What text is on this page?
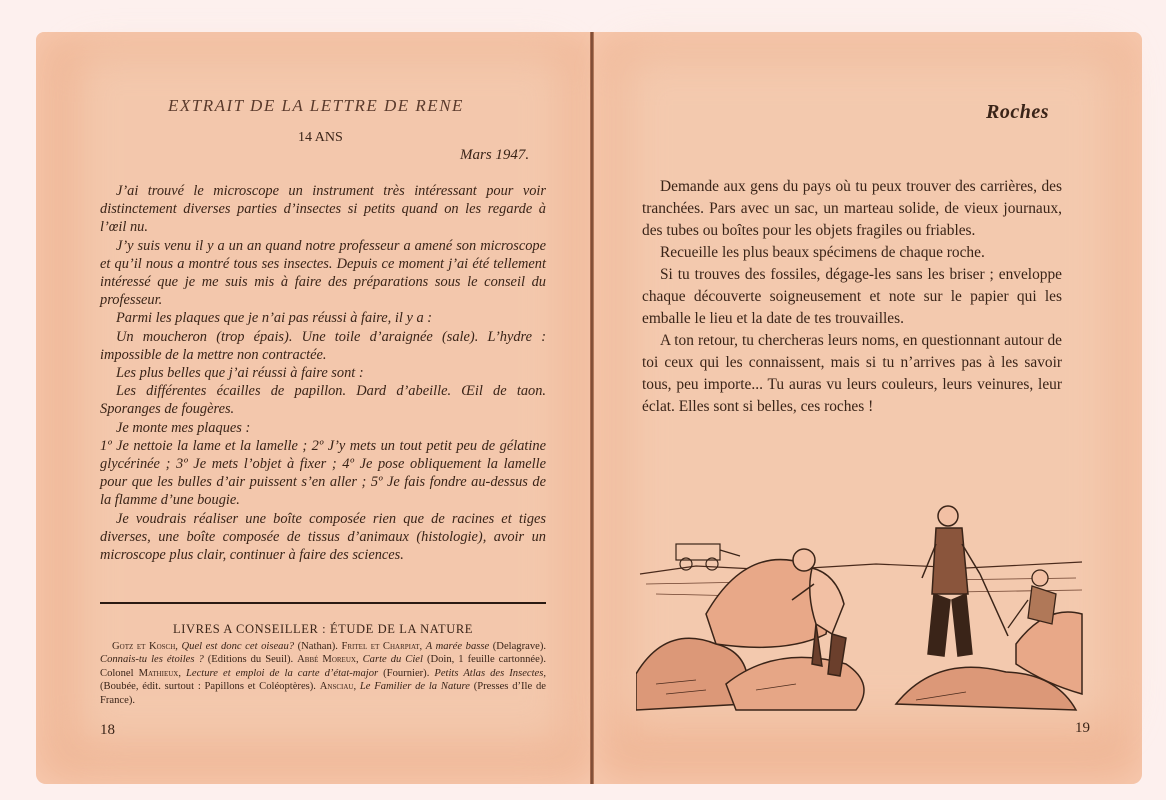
EXTRAIT DE LA LETTRE DE RENE
14 ANS
Mars 1947.

J’ai trouvé le microscope un instrument très intéressant pour voir distinctement diverses parties d’insectes si petits quand on les regarde à l’œil nu.

J’y suis venu il y a un an quand notre professeur a amené son microscope et qu’il nous a montré tous ses insectes. Depuis ce moment j’ai été tellement intéressé que je me suis mis à faire des préparations sous le conseil du professeur.

Parmi les plaques que je n’ai pas réussi à faire, il y a :

Un moucheron (trop épais). Une toile d’araignée (sale). L’hydre : impossible de la mettre non contractée.

Les plus belles que j’ai réussi à faire sont :

Les différentes écailles de papillon. Dard d’abeille. Œil de taon. Sporanges de fougères.

Je monte mes plaques :

1º Je nettoie la lame et la lamelle ; 2º J’y mets un tout petit peu de gélatine glycérinée ; 3º Je mets l’objet à fixer ; 4º Je pose obliquement la lamelle pour que les bulles d’air puissent s’en aller ; 5º Je fais fondre au-dessus de la flamme d’une bougie.

Je voudrais réaliser une boîte composée rien que de racines et tiges diverses, une boîte composée de tissus d’animaux (histologie), avoir un microscope plus clair, continuer à faire des sciences.

LIVRES A CONSEILLER : ÉTUDE DE LA NATURE
Gotz et Kosch, Quel est donc cet oiseau? (Nathan). Fritel et Charpiat, A marée basse (Delagrave). Connais-tu les étoiles ? (Editions du Seuil). Abbé Moreux, Carte du Ciel (Doin, 1 feuille cartonnée). Colonel Mathieux, Lecture et emploi de la carte d’état-major (Fournier). Petits Atlas des Insectes, (Boubée, édit. surtout : Papillons et Coléoptères). Ansciau, Le Familier de la Nature (Presses d’Ile de France).
18
Roches

Demande aux gens du pays où tu peux trouver des carrières, des tranchées. Pars avec un sac, un marteau solide, de vieux journaux, des tubes ou boîtes pour les objets fragiles ou friables.

Recueille les plus beaux spécimens de chaque roche.

Si tu trouves des fossiles, dégage-les sans les briser ; enveloppe chaque découverte soigneusement et note sur le papier qui les emballe le lieu et la date de tes trouvailles.

A ton retour, tu chercheras leurs noms, en questionnant autour de toi ceux qui les connaissent, mais si tu n’arrives pas à les savoir tous, peu importe... Tu auras vu leurs couleurs, leurs veinures, leur éclat. Elles sont si belles, ces roches !

19
